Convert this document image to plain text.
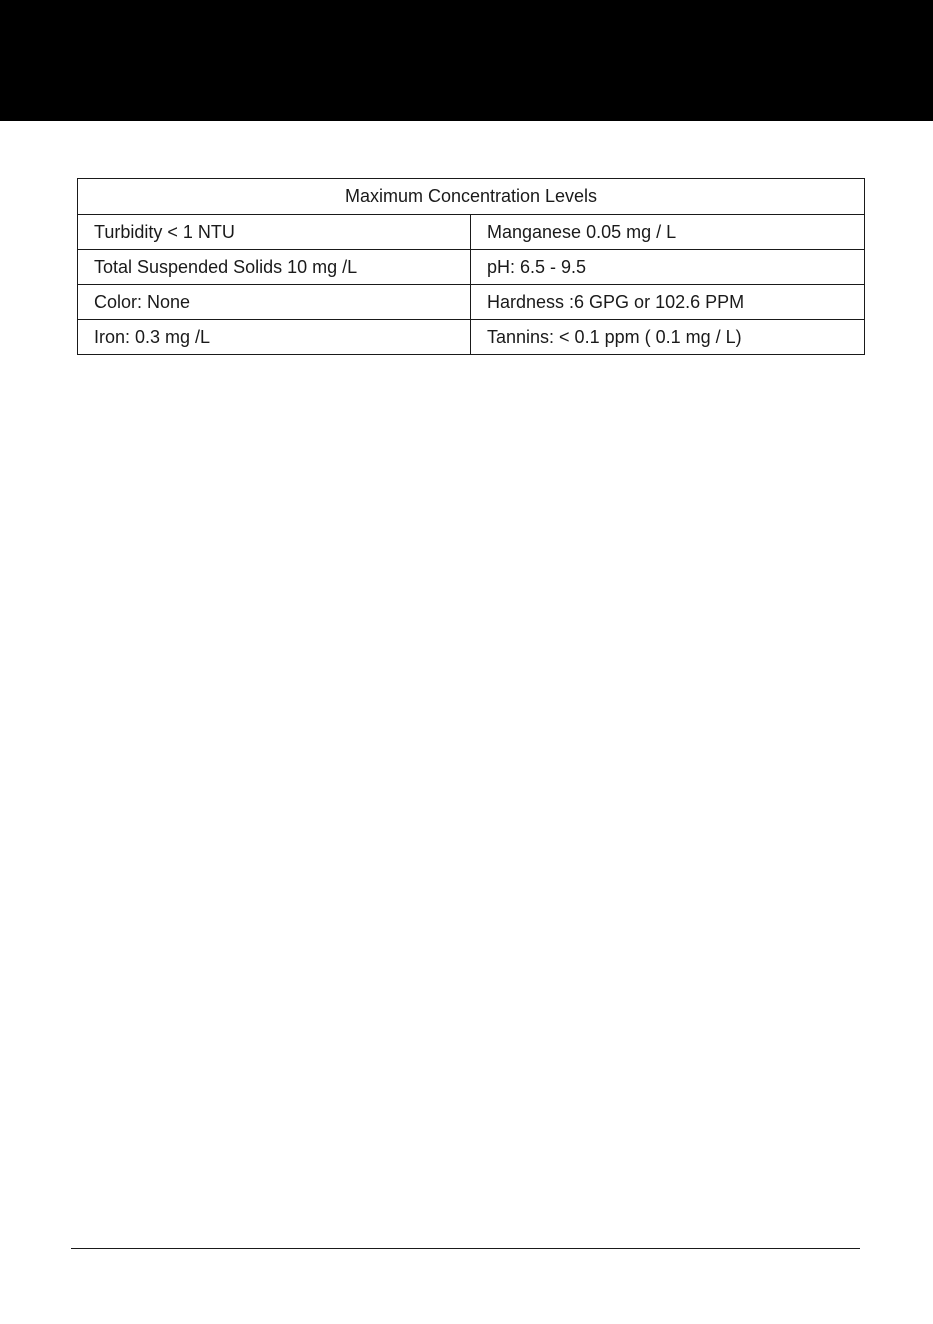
Maximum Concentration Levels	
Turbidity < 1 NTU	Manganese 0.05 mg / L
Total Suspended Solids 10 mg /L	pH: 6.5 - 9.5
Color: None	Hardness :6 GPG or 102.6 PPM
Iron: 0.3 mg /L	Tannins: < 0.1 ppm ( 0.1 mg / L)
